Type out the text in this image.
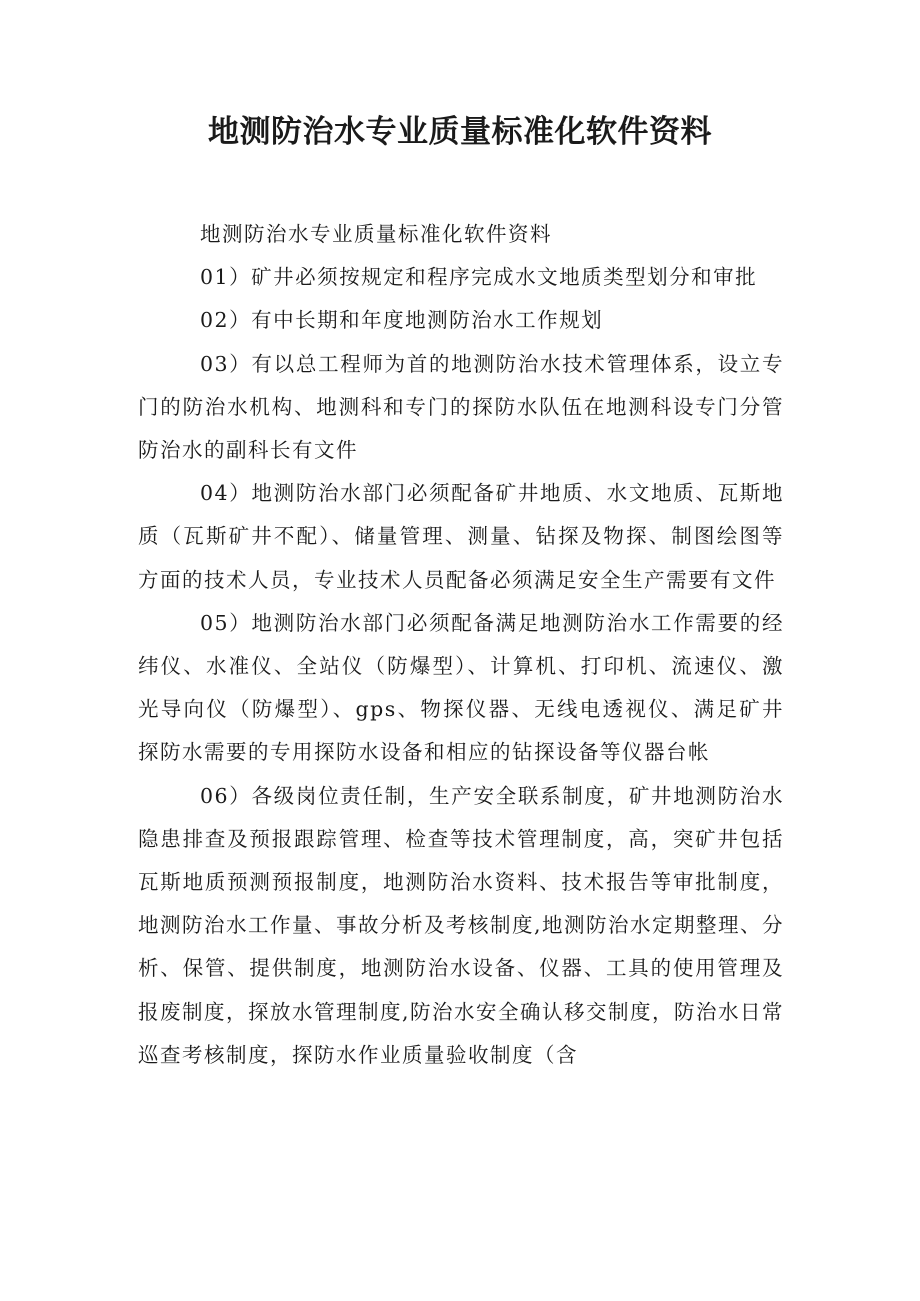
地测防治水专业质量标准化软件资料

地测防治水专业质量标准化软件资料

01）矿井必须按规定和程序完成水文地质类型划分和审批

02）有中长期和年度地测防治水工作规划

03）有以总工程师为首的地测防治水技术管理体系，设立专门的防治水机构、地测科和专门的探防水队伍在地测科设专门分管防治水的副科长有文件

04）地测防治水部门必须配备矿井地质、水文地质、瓦斯地质（瓦斯矿井不配）、储量管理、测量、钻探及物探、制图绘图等方面的技术人员，专业技术人员配备必须满足安全生产需要有文件

05）地测防治水部门必须配备满足地测防治水工作需要的经纬仪、水准仪、全站仪（防爆型）、计算机、打印机、流速仪、激光导向仪（防爆型）、gps、物探仪器、无线电透视仪、满足矿井探防水需要的专用探防水设备和相应的钻探设备等仪器台帐

06）各级岗位责任制，生产安全联系制度，矿井地测防治水隐患排查及预报跟踪管理、检查等技术管理制度，高，突矿井包括瓦斯地质预测预报制度，地测防治水资料、技术报告等审批制度，地测防治水工作量、事故分析及考核制度,地测防治水定期整理、分析、保管、提供制度，地测防治水设备、仪器、工具的使用管理及报废制度，探放水管理制度,防治水安全确认移交制度，防治水日常巡查考核制度，探防水作业质量验收制度（含
